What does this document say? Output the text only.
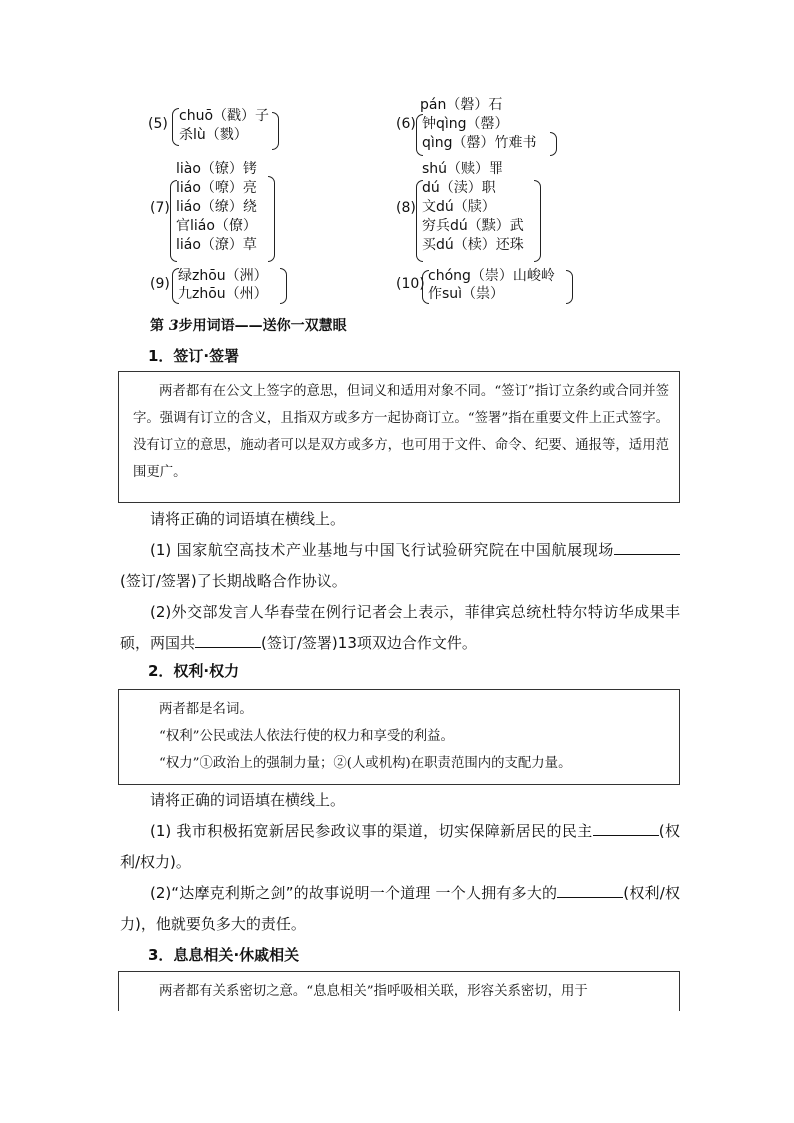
(5) chuō（戳）子
杀lù（戮）
(6)
pán（磐）石
钟qìng（罄）
qìng（罄）竹难书
(7)
liào（镣）铐
liáo（嘹）亮
liáo（缭）绕
官liáo（僚）
liáo（潦）草
(8)
shú（赎）罪
dú（渎）职
文dú（牍）
穷兵dú（黩）武
买dú（椟）还珠
(9) 绿zhōu（洲）
九zhōu（州）
(10) chóng（崇）山峻岭
作suì（祟）
第 3步用词语——送你一双慧眼
1．签订·签署

两者都有在公文上签字的意思，但词义和适用对象不同。“签订”指订立条约或合同并签字。强调有订立的含义，且指双方或多方一起协商订立。“签署”指在重要文件上正式签字。没有订立的意思，施动者可以是双方或多方，也可用于文件、命令、纪要、通报等，适用范围更广。

请将正确的词语填在横线上。

(1) 国家航空高技术产业基地与中国飞行试验研究院在中国航展现场(签订/签署)了长期战略合作协议。

(2)外交部发言人华春莹在例行记者会上表示，菲律宾总统杜特尔特访华成果丰硕，两国共	(签订/签署)13项双边合作文件。

2．权利·权力

两者都是名词。

“权利”公民或法人依法行使的权力和享受的利益。

“权力”①政治上的强制力量；②(人或机构)在职责范围内的支配力量。

请将正确的词语填在横线上。

(1) 我市积极拓宽新居民参政议事的渠道，切实保障新居民的民主	(权利/权力)。

(2)“达摩克利斯之剑”的故事说明一个道理 一个人拥有多大的	(权利/权力)，他就要负多大的责任。

3．息息相关·休戚相关

两者都有关系密切之意。“息息相关”指呼吸相关联，形容关系密切，用于
